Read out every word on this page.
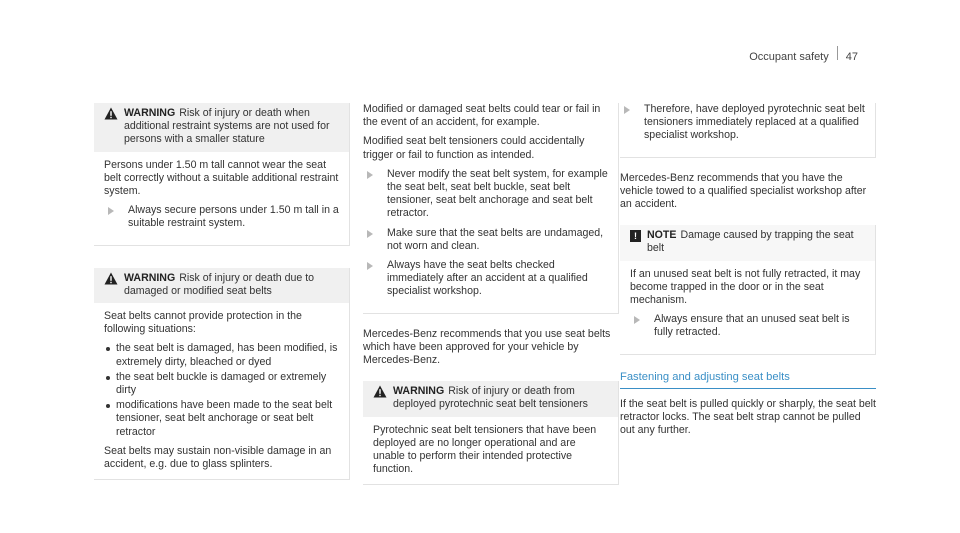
Occupant safety 47
WARNING Risk of injury or death when additional restraint systems are not used for persons with a smaller stature

Persons under 1.50 m tall cannot wear the seat belt correctly without a suitable additional restraint system.

Always secure persons under 1.50 m tall in a suitable restraint system.
WARNING Risk of injury or death due to damaged or modified seat belts

Seat belts cannot provide protection in the following situations:

the seat belt is damaged, has been modified, is extremely dirty, bleached or dyed
the seat belt buckle is damaged or extremely dirty
modifications have been made to the seat belt tensioner, seat belt anchorage or seat belt retractor

Seat belts may sustain non-visible damage in an accident, e.g. due to glass splinters.

Modified or damaged seat belts could tear or fail in the event of an accident, for example.

Modified seat belt tensioners could accidentally trigger or fail to function as intended.

Never modify the seat belt system, for example the seat belt, seat belt buckle, seat belt tensioner, seat belt anchorage and seat belt retractor.
Make sure that the seat belts are undamaged, not worn and clean.
Always have the seat belts checked immediately after an accident at a qualified specialist workshop.

Mercedes-Benz recommends that you use seat belts which have been approved for your vehicle by Mercedes-Benz.

WARNING Risk of injury or death from deployed pyrotechnic seat belt tensioners

Pyrotechnic seat belt tensioners that have been deployed are no longer operational and are unable to perform their intended protective function.

Therefore, have deployed pyrotechnic seat belt tensioners immediately replaced at a qualified specialist workshop.

Mercedes-Benz recommends that you have the vehicle towed to a qualified specialist workshop after an accident.

! NOTE Damage caused by trapping the seat belt

If an unused seat belt is not fully retracted, it may become trapped in the door or in the seat mechanism.

Always ensure that an unused seat belt is fully retracted.
Fastening and adjusting seat belts

If the seat belt is pulled quickly or sharply, the seat belt retractor locks. The seat belt strap cannot be pulled out any further.
